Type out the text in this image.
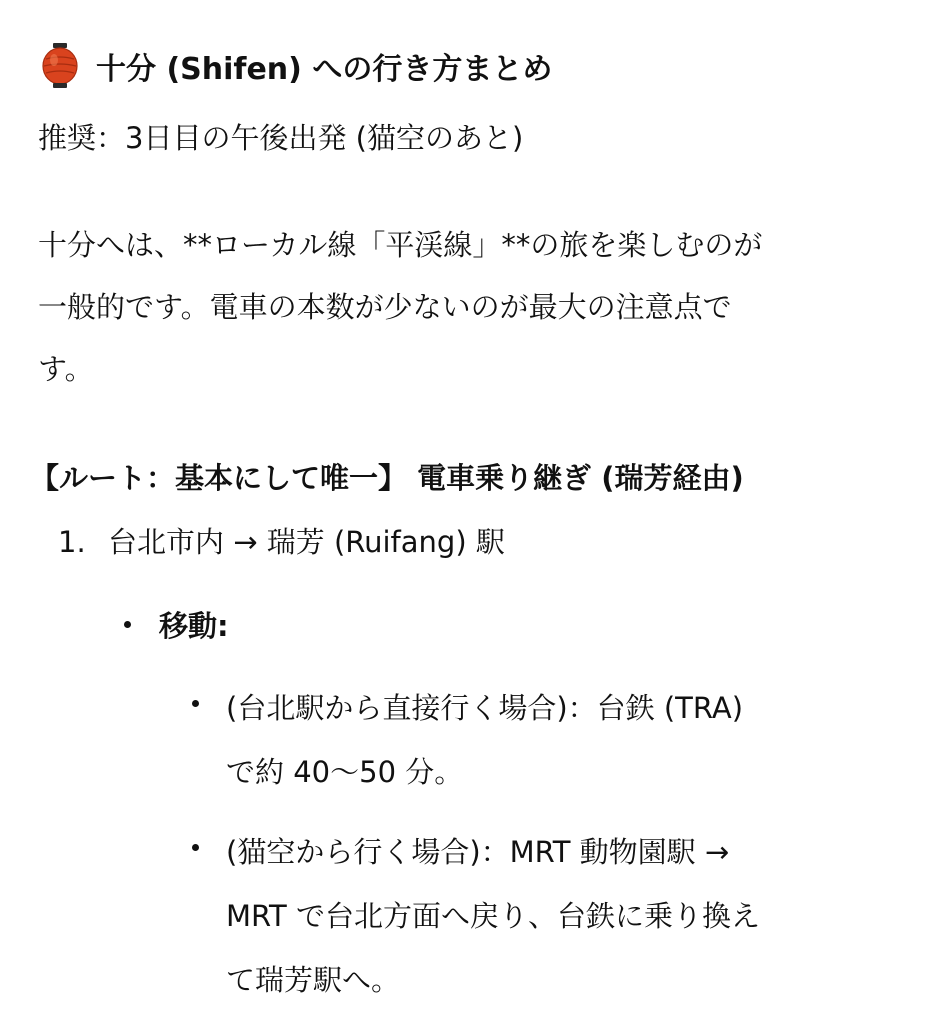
十分 (Shifen) への行き方まとめ
推奨：3日目の午後出発 (猫空のあと)
十分へは、**ローカル線「平渓線」**の旅を楽しむのが
一般的です。電車の本数が少ないのが最大の注意点で
す。
【ルート：基本にして唯一】 電車乗り継ぎ (瑞芳経由)
1. 台北市内 → 瑞芳 (Ruifang) 駅
移動:
(台北駅から直接行く場合)：台鉄 (TRA)
で約 40～50 分。
(猫空から行く場合)：MRT 動物園駅 →
MRT で台北方面へ戻り、台鉄に乗り換え
て瑞芳駅へ。
